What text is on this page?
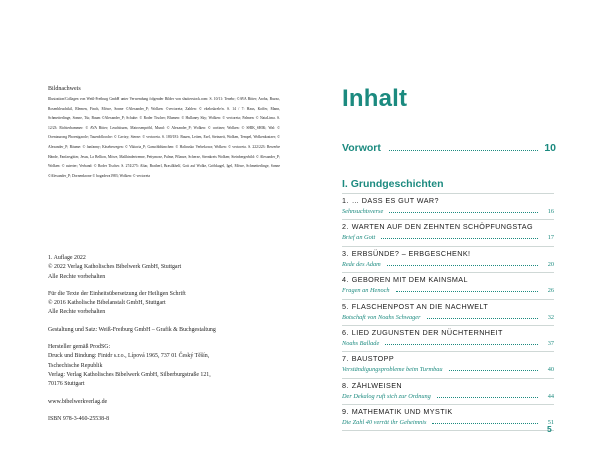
Bildnachweis
Illustration/Collagen von Weiß-Freiburg GmbH unter Verwendung folgender Bilder von shutterstock.com: S. 10/11: Tenebr; ©AVA Bitter; Aroba, Buzzo, Rosenbleuchtkil, Rlemen, Finch, Möwe, Sonne ©Alexander_P; Wolken: ©vectoreta; Zahlen: © ekeloskrele/n. S. 14 / 7: Haus, Koffer, Mann, Schmetterlinge, Sonne, Tür, Baum ©Alexander_P; Schuhe: © Roder Tischer; Blumen: © Hullaney Sky; Wolken: © vectoreta; Palmen: © NataLima. S. 12/23: Richterhammer: © AVA Bitter; Leuchtturm, Matrosenpröbl, Mund: © Alexander_P; Wolken: © cortiner; Wolken: © SHIK_SHIK; Wal: © Ocentaurong Phoenigarole; Tauenbflooche: © Cavizy; Sterne: © vectoreta. S. 180/181: Bauen, Leiten, Esel, Steinzeit, Wolken, Tempel, Wolkenkratzer; © Alexander_P; Bäume: © fanfanny; Käsebewegen: © Viktoria_P; Ganschblümchen: © Halirusko Verbekowa; Wolken: © vectoreta. S. 222/223: Bewerbe Hände, Fanfarsgitter, Jesus, La Bellion, Möwe, Maßhindertrenne, Pettymose, Palme, Pflanze, Scherze, Sternkreis Wolken; Steinbergerbild: © Alexander_P; Wolken: © asterter; Verband: © Roder Tischer. S. 274/275: Altar, Bratherl, Brasilkhelf, Gott auf Wolke, Gröbkugel, Igel, Möwe, Schmetterlinge, Sonne ©Alexander_P; Dornenkrone © bogadeva1983; Wolken: © vectoreta
1. Auflage 2022
© 2022 Verlag Katholisches Bibelwerk GmbH, Stuttgart
Alle Rechte vorbehalten
Für die Texte der Einheitsübersetzung der Heiligen Schrift
© 2016 Katholische Bibelanstalt GmbH, Stuttgart
Alle Rechte vorbehalten
Gestaltung und Satz: Weiß-Freiburg GmbH – Grafik & Buchgestaltung
Hersteller gemäß ProdSG:
Druck und Bindung: Finidr s.r.o., Lípová 1965, 737 01 Český Těšín,
Tschechische Republik
Verlag: Verlag Katholisches Bibelwerk GmbH, Silberburgstraße 121,
70176 Stuttgart
www.bibelwerkverlag.de
ISBN 978-3-460-25538-8
Inhalt
Vorwort	10
I. Grundgeschichten
1. … DASS ES GUT WAR?
Sehnsuchtsverse	16
2. WARTEN AUF DEN ZEHNTEN SCHÖPFUNGSTAG
Brief an Gott	17
3. ERBSÜNDE? – ERBGESCHENK!
Rede des Adam	20
4. GEBOREN MIT DEM KAINSMAL
Fragen an Henoch	26
5. FLASCHENPOST AN DIE NACHWELT
Botschaft von Noahs Schwager	32
6. LIED ZUGUNSTEN DER NÜCHTERNHEIT
Noahs Ballade	37
7. BAUSTOPP
Verständigungsprobleme beim Turmbau	40
8. ZÄHLWEISEN
Der Dekalog ruft sich zur Ordnung	44
9. MATHEMATIK UND MYSTIK
Die Zahl 40 verrät ihr Geheimnis	51
5
